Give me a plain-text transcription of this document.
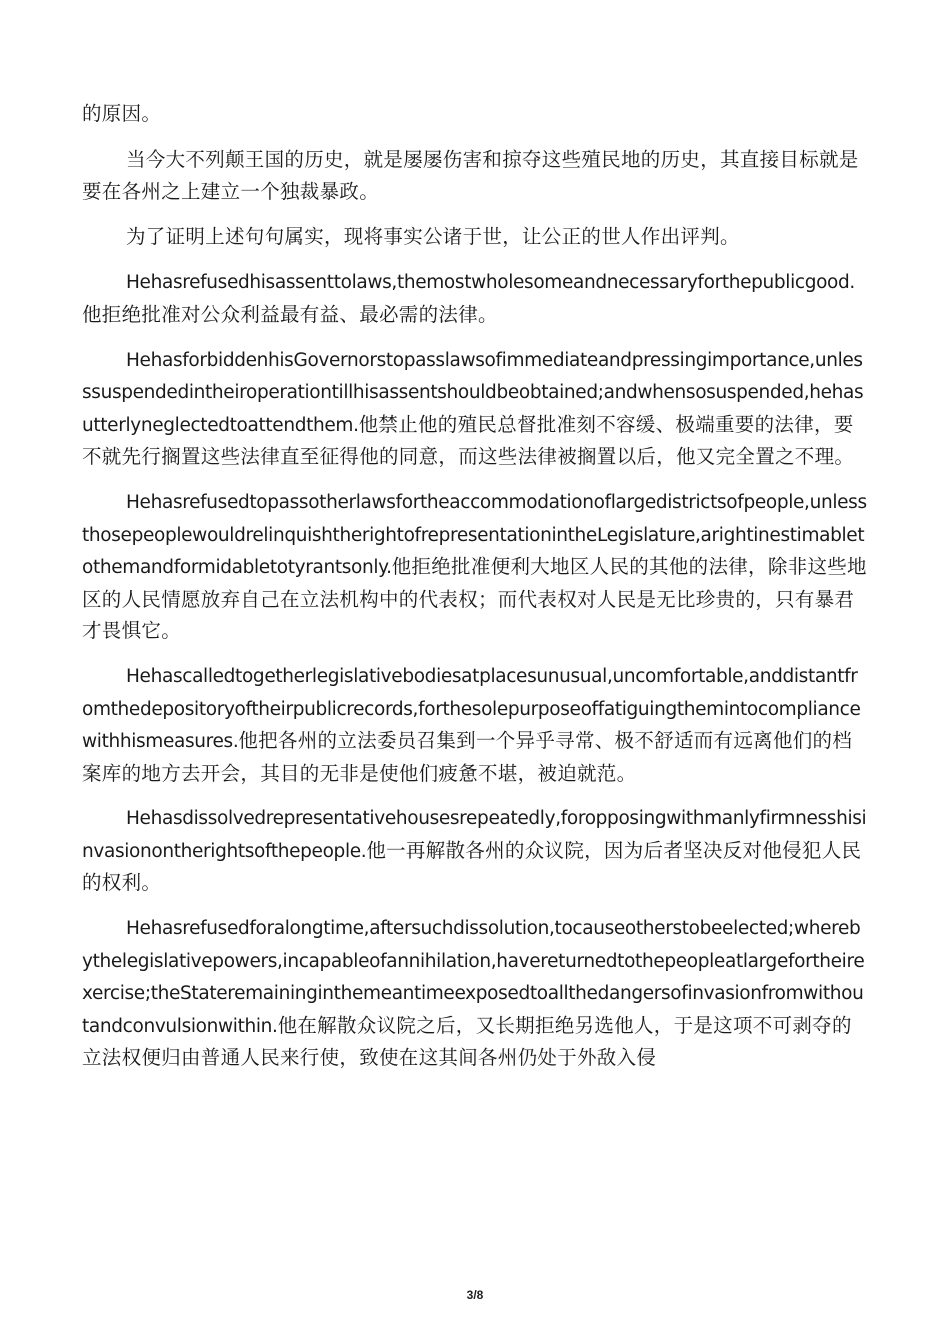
的原因。

当今大不列颠王国的历史，就是屡屡伤害和掠夺这些殖民地的历史，其直接目标就是要在各州之上建立一个独裁暴政。

为了证明上述句句属实，现将事实公诸于世，让公正的世人作出评判。

Hehasrefusedhisassenttolaws,themostwholesomeandnecessaryforthepublicgood.他拒绝批准对公众利益最有益、最必需的法律。

HehasforbiddenhisGovernorstopasslawsofimmediateandpressingimportance,unlesssuspendedintheiroperationtillhisassentshouldbeobtained;andwhensosuspended,hehasutterlyneglectedtoattendthem.他禁止他的殖民总督批准刻不容缓、极端重要的法律，要不就先行搁置这些法律直至征得他的同意，而这些法律被搁置以后，他又完全置之不理。

Hehasrefusedtopassotherlawsfortheaccommodationoflargedistrictsofpeople,unlessthosepeoplewouldrelinquishtherightofrepresentationintheLegislature,arightinestimabletothemandformidabletotyrantsonly.他拒绝批准便利大地区人民的其他的法律，除非这些地区的人民情愿放弃自己在立法机构中的代表权；而代表权对人民是无比珍贵的，只有暴君才畏惧它。

Hehascalledtogetherlegislativebodiesatplacesunusual,uncomfortable,anddistantfromthedepositoryoftheirpublicrecords,forthesolepurposeoffatiguingthemintocompliancewithhismeasures.他把各州的立法委员召集到一个异乎寻常、极不舒适而有远离他们的档案库的地方去开会，其目的无非是使他们疲惫不堪，被迫就范。

Hehasdissolvedrepresentativehousesrepeatedly,foropposingwithmanlyfirmnesshisinvasionontherightsofthepeople.他一再解散各州的众议院，因为后者坚决反对他侵犯人民的权利。

Hehasrefusedforalongtime,aftersuchdissolution,tocauseotherstobeelected;wherebythelegislativepowers,incapableofannihilation,havereturnedtothepeopleatlargefortheirexercise;theStateremaininginthemeantimeexposedtoallthedangersofinvasionfromwithoutandconvulsionwithin.他在解散众议院之后，又长期拒绝另选他人，于是这项不可剥夺的立法权便归由普通人民来行使，致使在这其间各州仍处于外敌入侵

3/8
